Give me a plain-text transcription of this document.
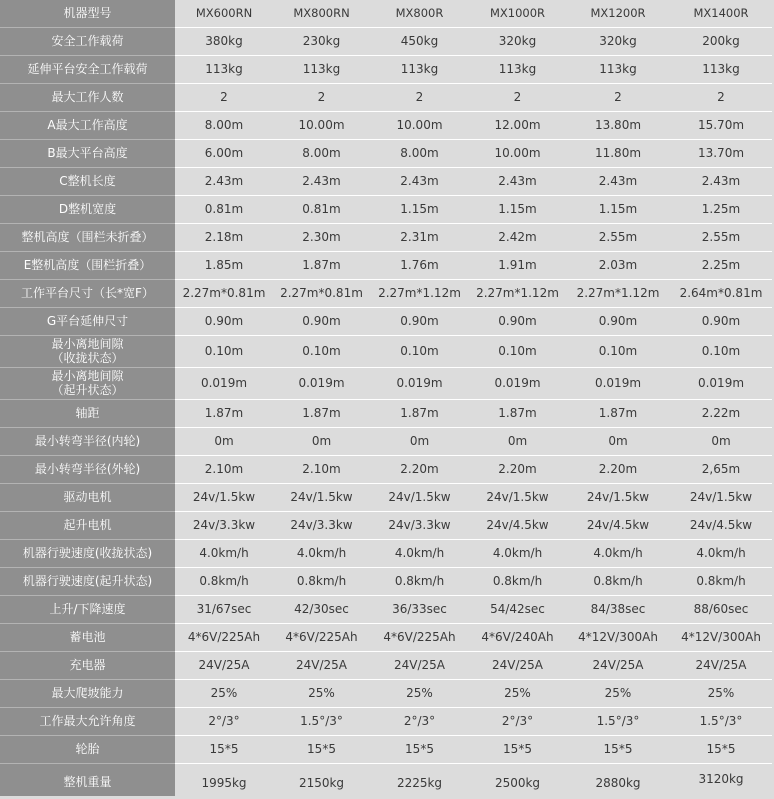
机器型号	MX600RN	MX800RN	MX800R	MX1000R	MX1200R	MX1400R
安全工作载荷	380kg	230kg	450kg	320kg	320kg	200kg
延伸平台安全工作载荷	113kg	113kg	113kg	113kg	113kg	113kg
最大工作人数	2	2	2	2	2	2
A最大工作高度	8.00m	10.00m	10.00m	12.00m	13.80m	15.70m
B最大平台高度	6.00m	8.00m	8.00m	10.00m	11.80m	13.70m
C整机长度	2.43m	2.43m	2.43m	2.43m	2.43m	2.43m
D整机宽度	0.81m	0.81m	1.15m	1.15m	1.15m	1.25m
整机高度（围栏未折叠）	2.18m	2.30m	2.31m	2.42m	2.55m	2.55m
E整机高度（围栏折叠）	1.85m	1.87m	1.76m	1.91m	2.03m	2.25m
工作平台尺寸（长*宽F）	2.27m*0.81m	2.27m*0.81m	2.27m*1.12m	2.27m*1.12m	2.27m*1.12m	2.64m*0.81m
G平台延伸尺寸	0.90m	0.90m	0.90m	0.90m	0.90m	0.90m
最小离地间隙
（收拢状态）	0.10m	0.10m	0.10m	0.10m	0.10m	0.10m
最小离地间隙
（起升状态）	0.019m	0.019m	0.019m	0.019m	0.019m	0.019m
轴距	1.87m	1.87m	1.87m	1.87m	1.87m	2.22m
最小转弯半径(内轮)	0m	0m	0m	0m	0m	0m
最小转弯半径(外轮)	2.10m	2.10m	2.20m	2.20m	2.20m	2,65m
驱动电机	24v/1.5kw	24v/1.5kw	24v/1.5kw	24v/1.5kw	24v/1.5kw	24v/1.5kw
起升电机	24v/3.3kw	24v/3.3kw	24v/3.3kw	24v/4.5kw	24v/4.5kw	24v/4.5kw
机器行驶速度(收拢状态)	4.0km/h	4.0km/h	4.0km/h	4.0km/h	4.0km/h	4.0km/h
机器行驶速度(起升状态)	0.8km/h	0.8km/h	0.8km/h	0.8km/h	0.8km/h	0.8km/h
上升/下降速度	31/67sec	42/30sec	36/33sec	54/42sec	84/38sec	88/60sec
蓄电池	4*6V/225Ah	4*6V/225Ah	4*6V/225Ah	4*6V/240Ah	4*12V/300Ah	4*12V/300Ah
充电器	24V/25A	24V/25A	24V/25A	24V/25A	24V/25A	24V/25A
最大爬坡能力	25%	25%	25%	25%	25%	25%
工作最大允许角度	2°/3°	1.5°/3°	2°/3°	2°/3°	1.5°/3°	1.5°/3°
轮胎	15*5	15*5	15*5	15*5	15*5	15*5
整机重量	1995kg	2150kg	2225kg	2500kg	2880kg	3120kg
